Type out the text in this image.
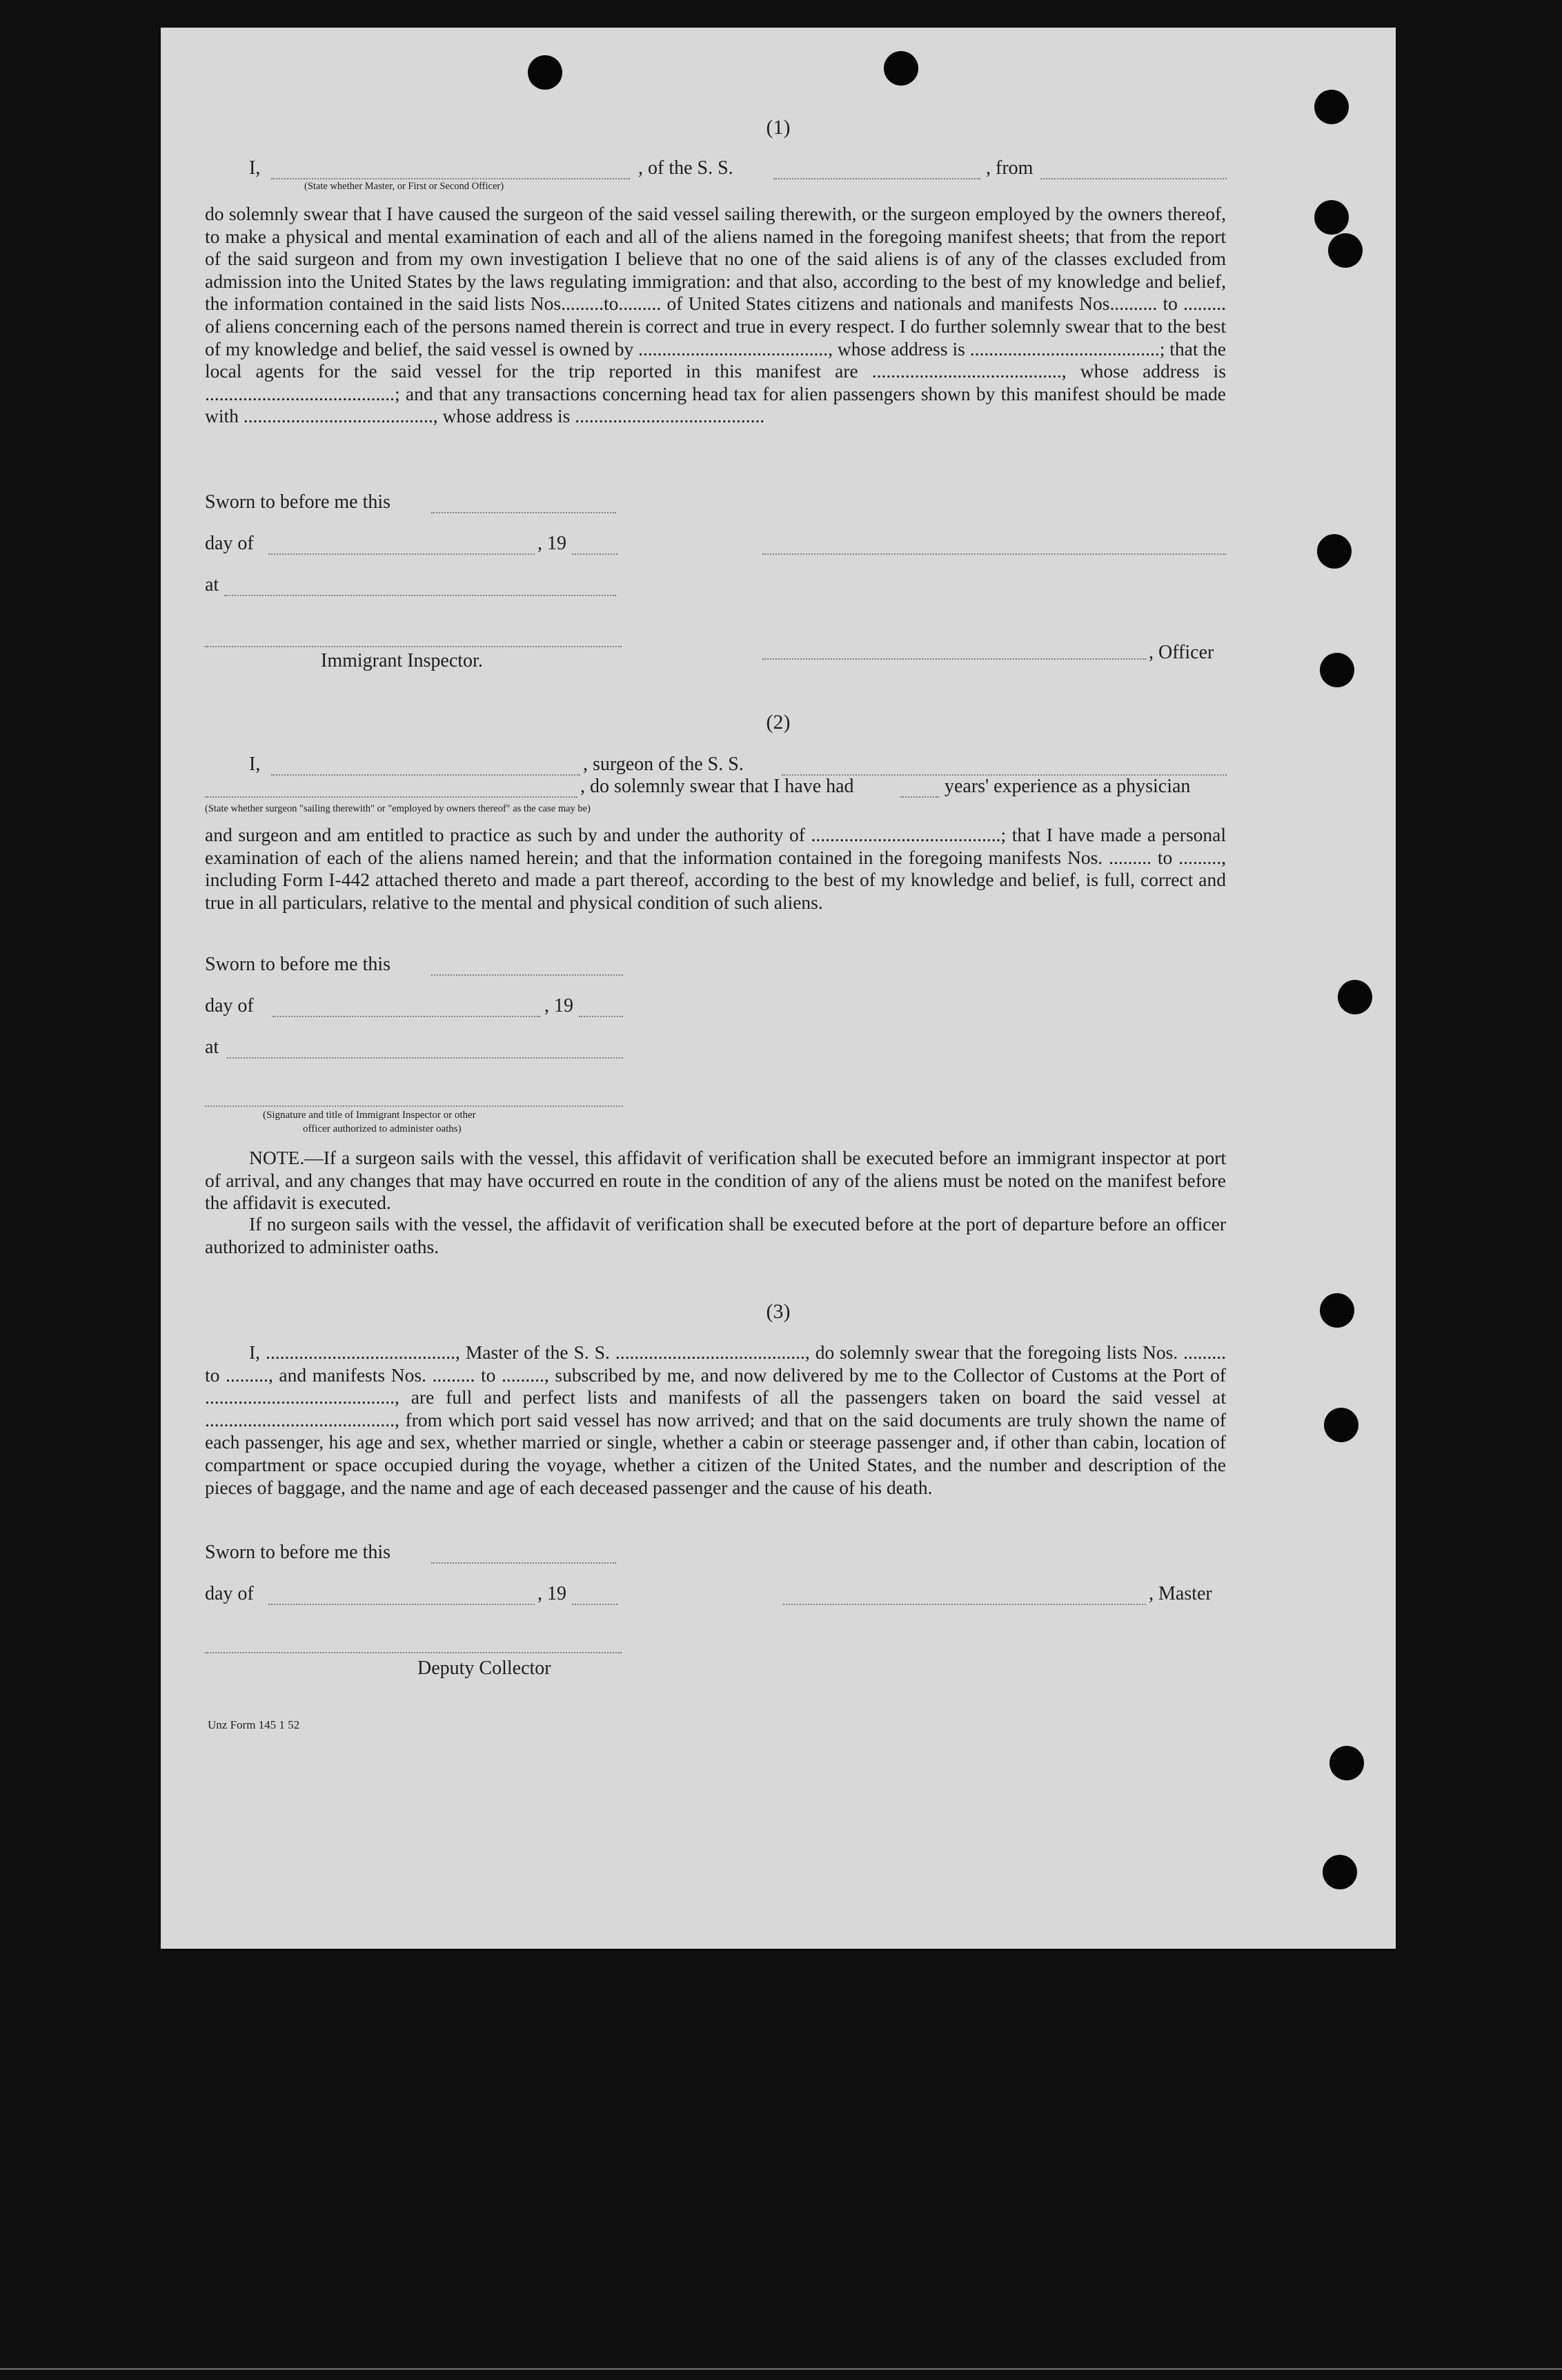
(1)
I,	, of the S. S.	, from
(State whether Master, or First or Second Officer)
do solemnly swear that I have caused the surgeon of the said vessel sailing therewith, or the surgeon employed by the owners thereof, to make a physical and mental examination of each and all of the aliens named in the foregoing manifest sheets; that from the report of the said surgeon and from my own investigation I believe that no one of the said aliens is of any of the classes excluded from admission into the United States by the laws regulating immigration: and that also, according to the best of my knowledge and belief, the information contained in the said lists Nos.........to......... of United States citizens and nationals and manifests Nos.......... to ......... of aliens concerning each of the persons named therein is correct and true in every respect. I do further solemnly swear that to the best of my knowledge and belief, the said vessel is owned by ........................................, whose address is ........................................; that the local agents for the said vessel for the trip reported in this manifest are ........................................, whose address is ........................................; and that any transactions concerning head tax for alien passengers shown by this manifest should be made with ........................................, whose address is ........................................
Sworn to before me this
day of	, 19
at
Immigrant Inspector.	, Officer
(2)
I,	, surgeon of the S. S.
, do solemnly swear that I have had	years' experience as a physician
(State whether surgeon "sailing therewith" or "employed by owners thereof" as the case may be)
and surgeon and am entitled to practice as such by and under the authority of ........................................; that I have made a personal examination of each of the aliens named herein; and that the information contained in the foregoing manifests Nos. ......... to ........., including Form I-442 attached thereto and made a part thereof, according to the best of my knowledge and belief, is full, correct and true in all particulars, relative to the mental and physical condition of such aliens.
Sworn to before me this
day of	, 19
at
(Signature and title of Immigrant Inspector or other
officer authorized to administer oaths)
NOTE.—If a surgeon sails with the vessel, this affidavit of verification shall be executed before an immigrant inspector at port of arrival, and any changes that may have occurred en route in the condition of any of the aliens must be noted on the manifest before the affidavit is executed.
If no surgeon sails with the vessel, the affidavit of verification shall be executed before at the port of departure before an officer authorized to administer oaths.
(3)
I, ........................................, Master of the S. S. ........................................, do solemnly swear that the foregoing lists Nos. ......... to ........., and manifests Nos. ......... to ........., subscribed by me, and now delivered by me to the Collector of Customs at the Port of ........................................, are full and perfect lists and manifests of all the passengers taken on board the said vessel at ........................................, from which port said vessel has now arrived; and that on the said documents are truly shown the name of each passenger, his age and sex, whether married or single, whether a cabin or steerage passenger and, if other than cabin, location of compartment or space occupied during the voyage, whether a citizen of the United States, and the number and description of the pieces of baggage, and the name and age of each deceased passenger and the cause of his death.
Sworn to before me this
day of	, 19	, Master
Deputy Collector
Unz Form 145 1 52
